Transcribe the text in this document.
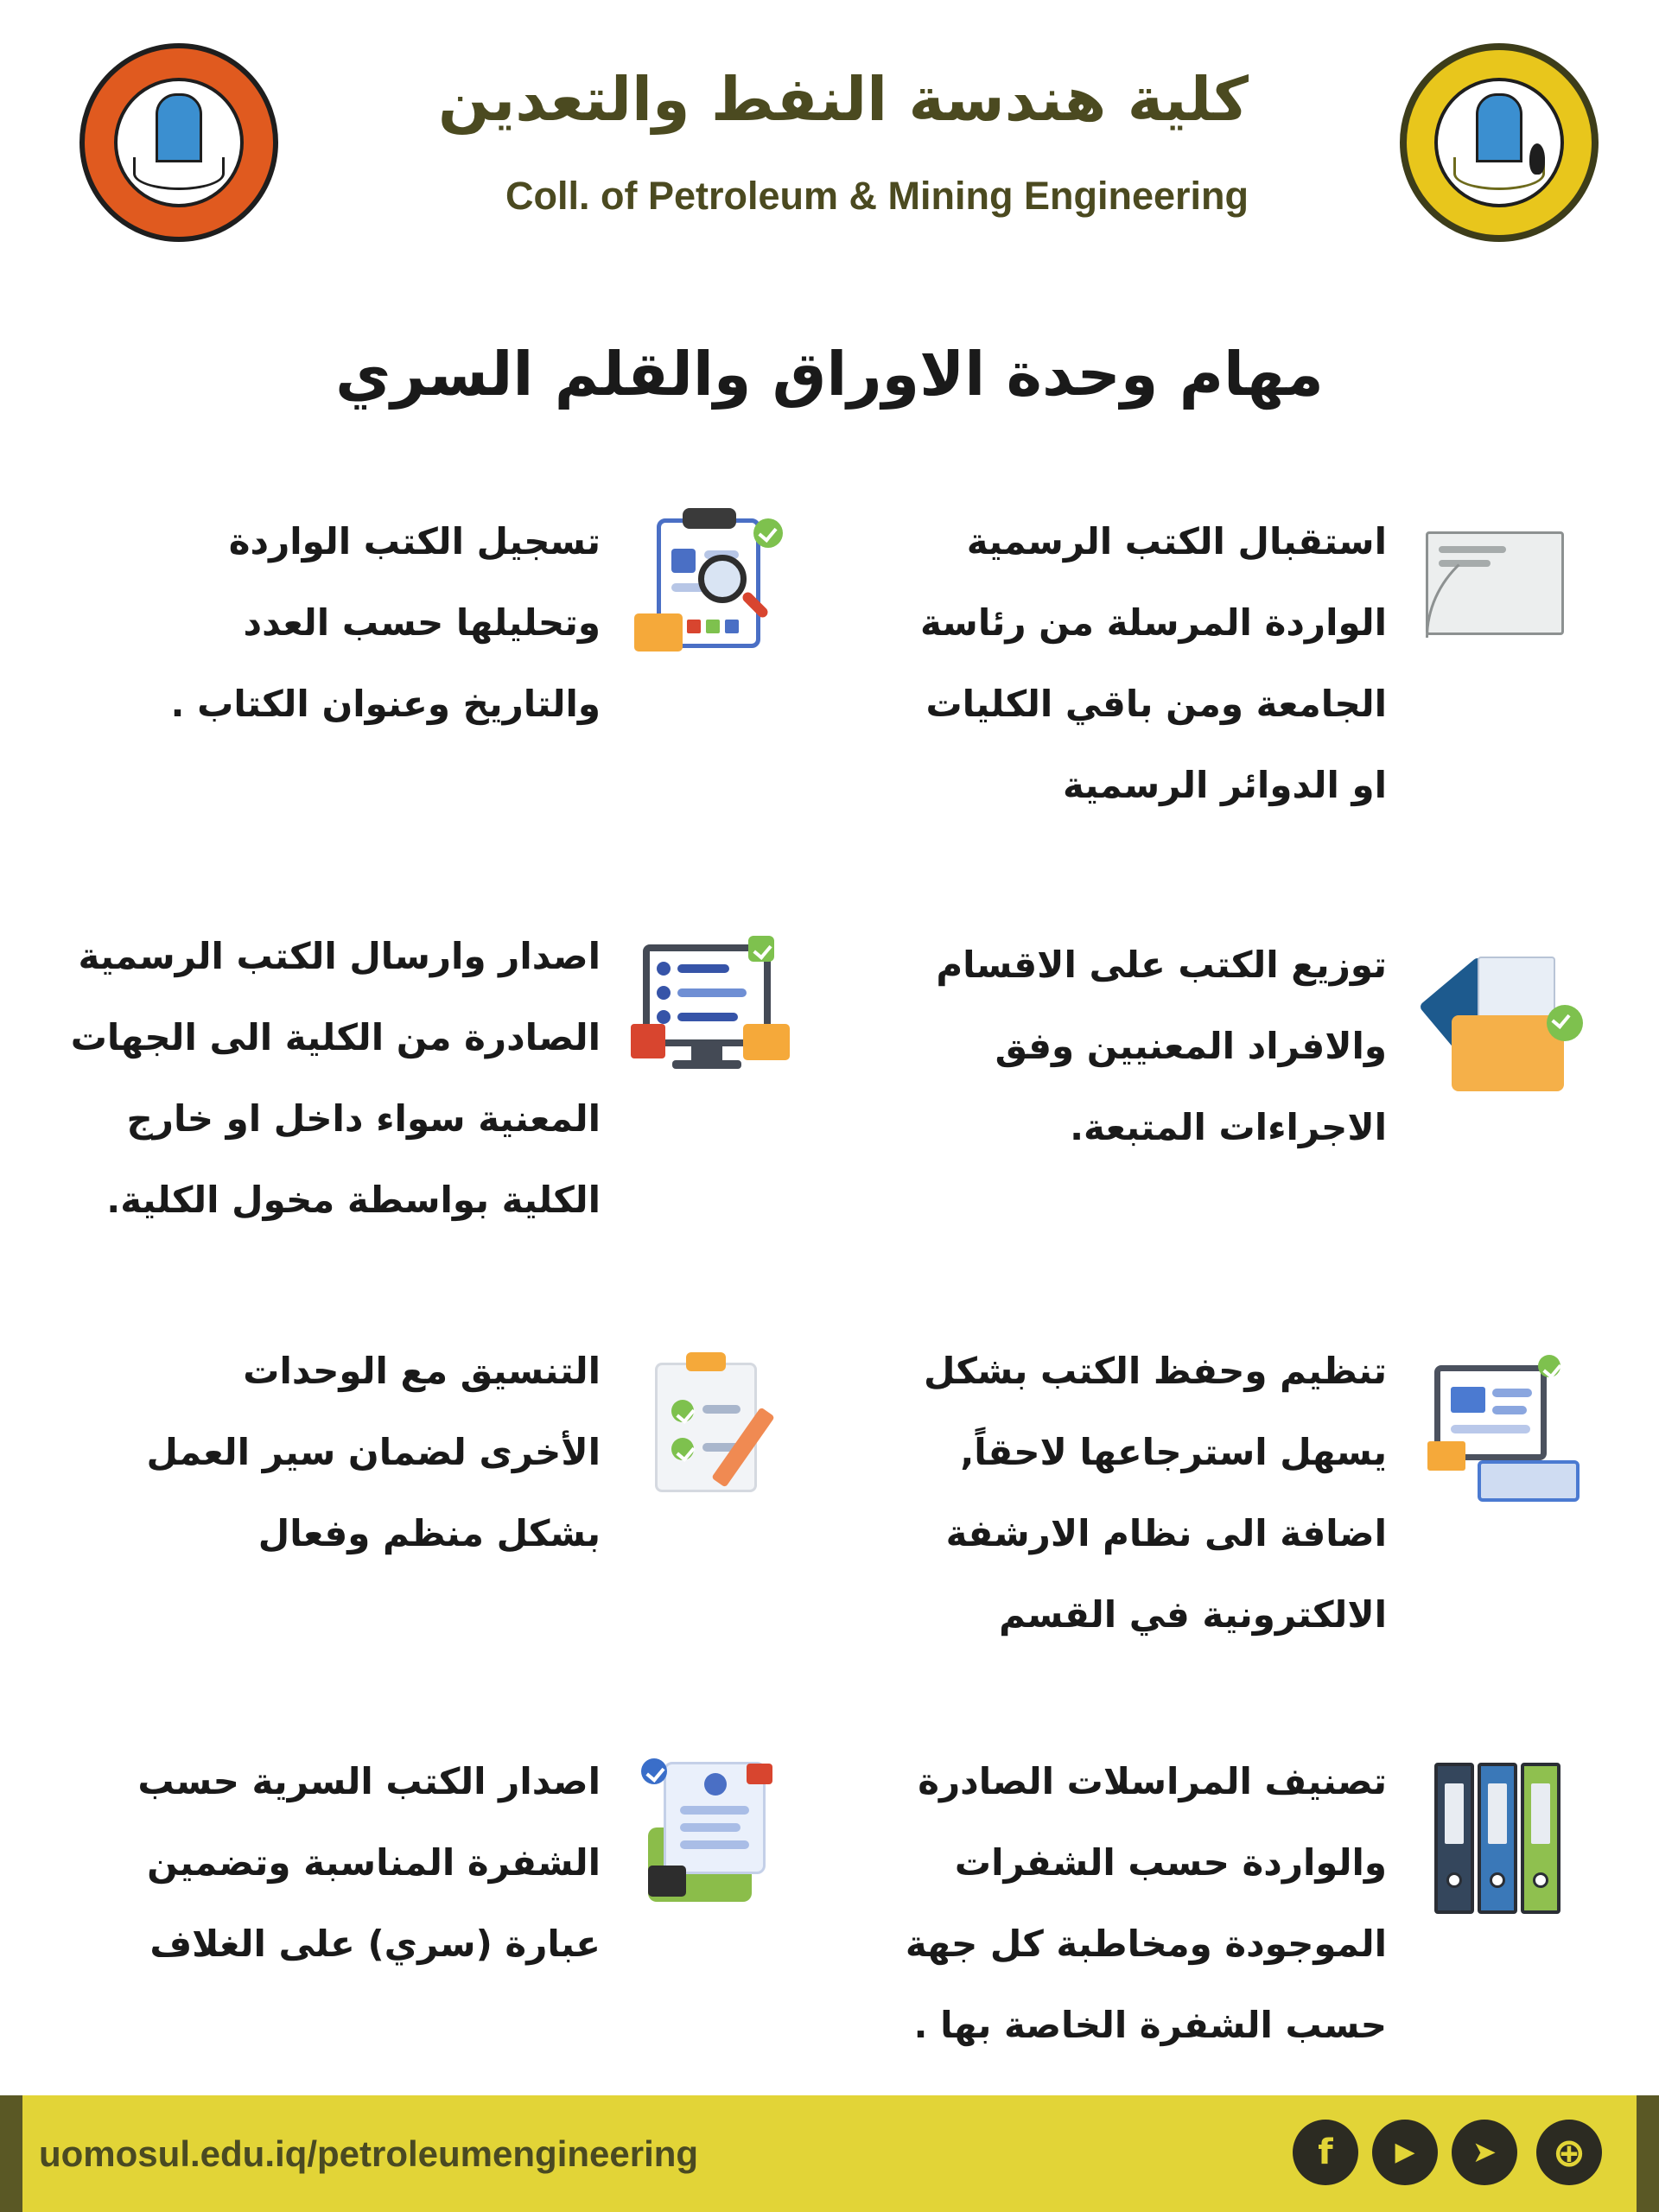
كلية هندسة النفط والتعدين
Coll. of Petroleum & Mining Engineering
مهام وحدة الاوراق والقلم السري
استقبال الكتب الرسمية
الواردة المرسلة من رئاسة
الجامعة ومن باقي الكليات
او الدوائر الرسمية
توزيع الكتب على الاقسام
والافراد المعنيين وفق
الاجراءات المتبعة.
تنظيم وحفظ الكتب بشكل
يسهل استرجاعها لاحقاً,
اضافة الى نظام الارشفة
الالكترونية في القسم
تصنيف المراسلات الصادرة
والواردة حسب الشفرات
الموجودة ومخاطبة كل جهة
حسب الشفرة الخاصة بها .
تسجيل الكتب الواردة
وتحليلها حسب العدد
والتاريخ وعنوان الكتاب .
اصدار وارسال الكتب الرسمية
الصادرة من الكلية الى الجهات
المعنية سواء داخل او خارج
الكلية بواسطة مخول الكلية.
التنسيق مع الوحدات
الأخرى لضمان سير العمل
بشكل منظم وفعال
اصدار الكتب السرية حسب
الشفرة المناسبة وتضمين
عبارة (سري) على الغلاف
uomosul.edu.iq/petroleumengineering	f	▶	➤	⊕
